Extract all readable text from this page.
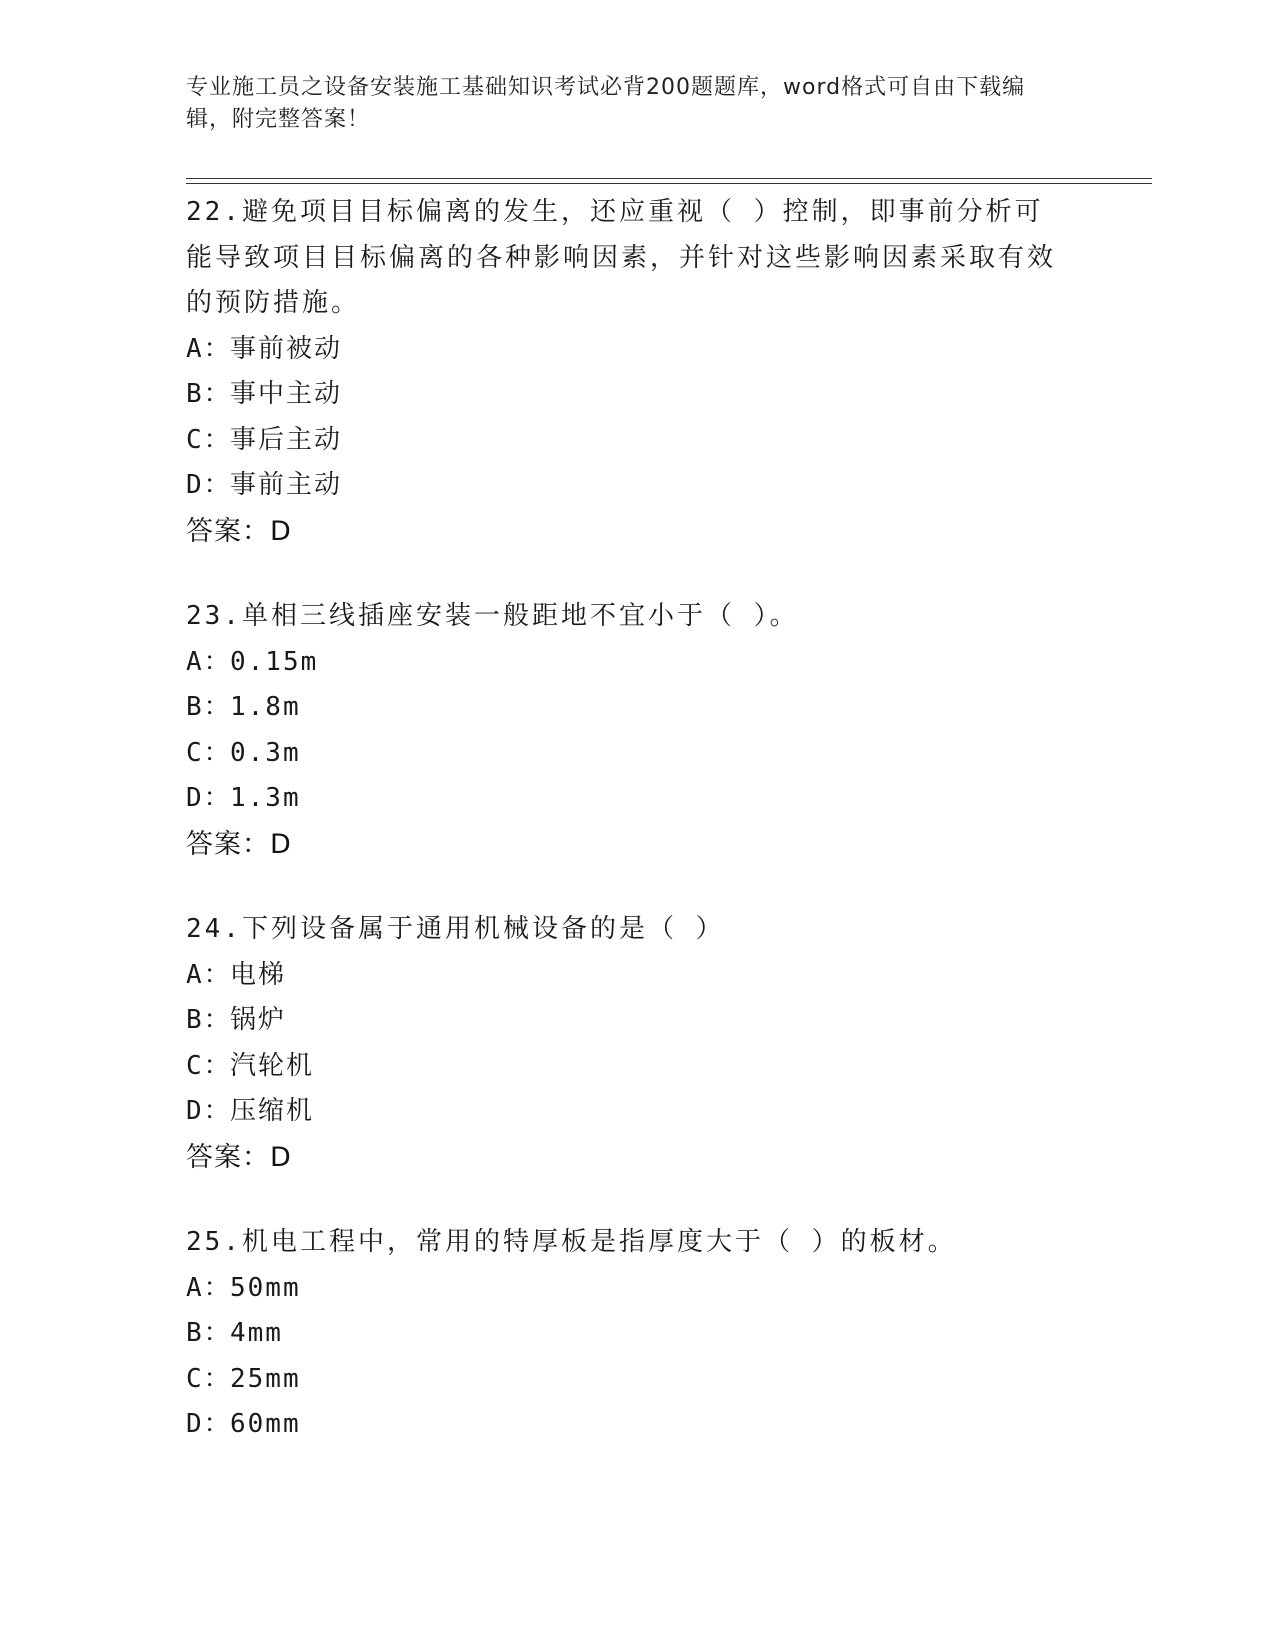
专业施工员之设备安装施工基础知识考试必背200题题库，word格式可自由下载编辑，附完整答案！
22.避免项目目标偏离的发生，还应重视（ ）控制，即事前分析可能导致项目目标偏离的各种影响因素，并针对这些影响因素采取有效的预防措施。
A：事前被动
B：事中主动
C：事后主动
D：事前主动
答案：D
23.单相三线插座安装一般距地不宜小于（ ）。
A：0.15m
B：1.8m
C：0.3m
D：1.3m
答案：D
24.下列设备属于通用机械设备的是（ ）
A：电梯
B：锅炉
C：汽轮机
D：压缩机
答案：D
25.机电工程中，常用的特厚板是指厚度大于（ ）的板材。
A：50mm
B：4mm
C：25mm
D：60mm
